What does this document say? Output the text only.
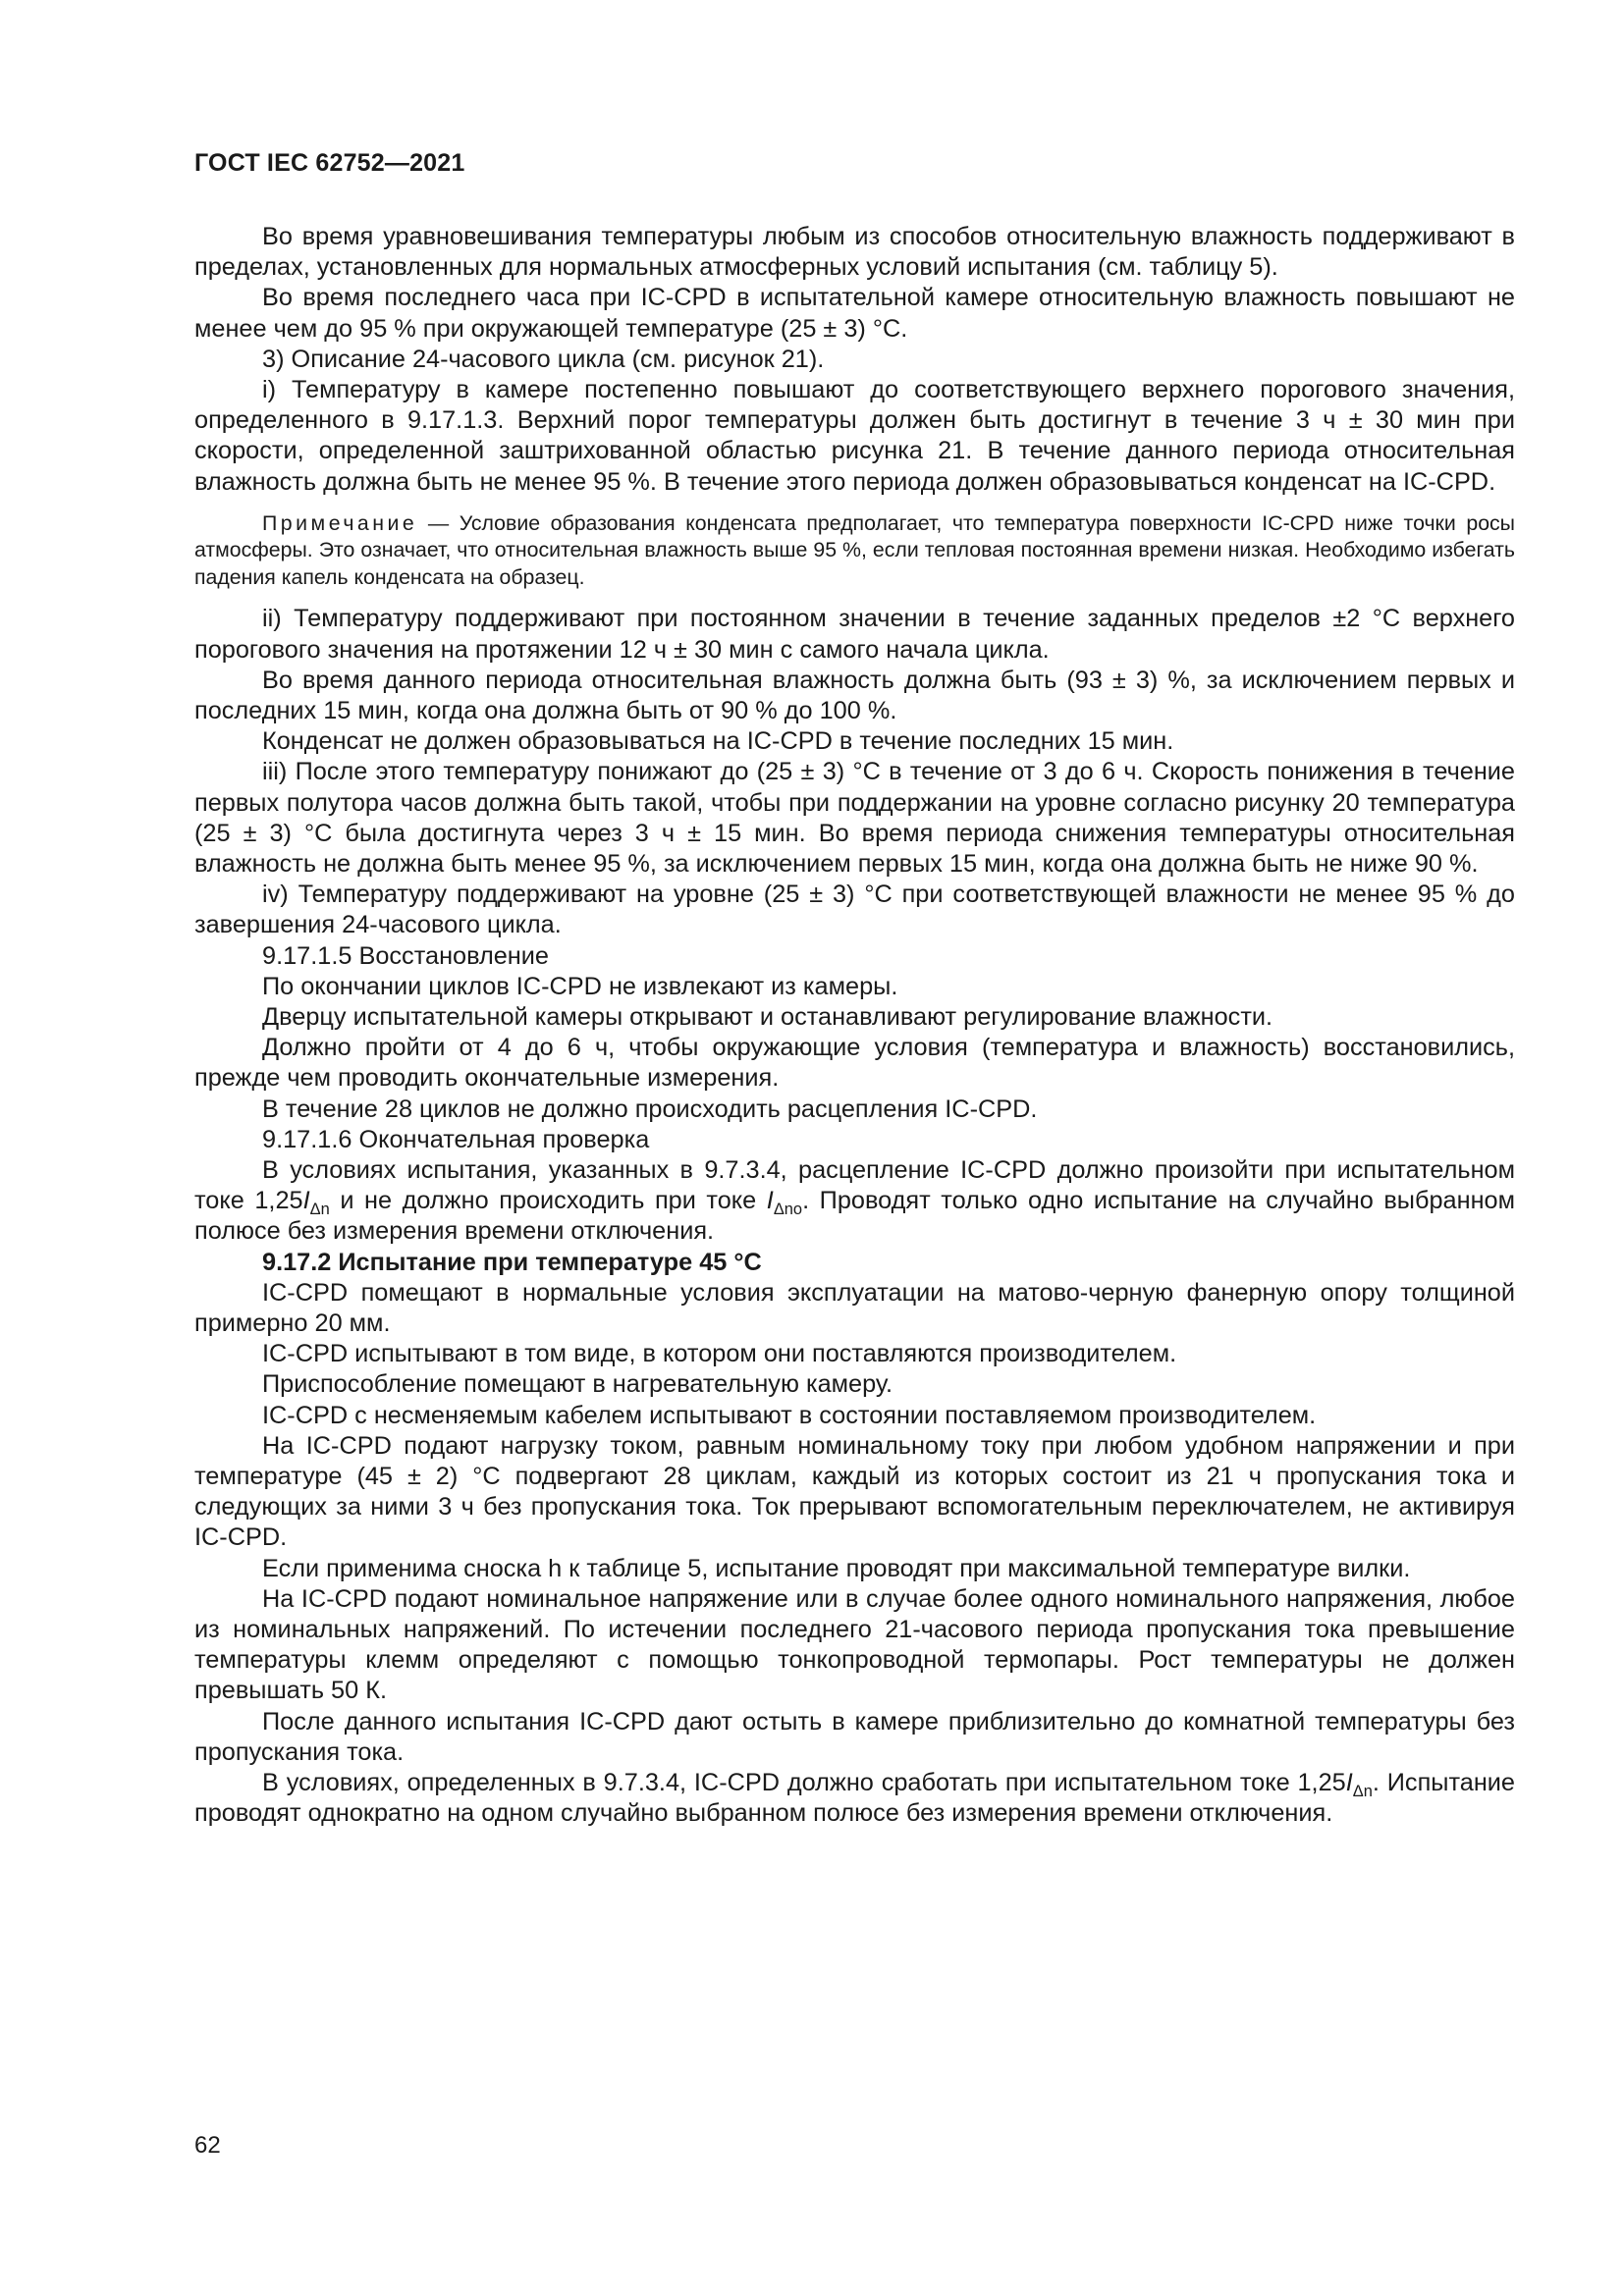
ГОСТ IEC 62752—2021

Во время уравновешивания температуры любым из способов относительную влажность поддерживают в пределах, установленных для нормальных атмосферных условий испытания (см. таблицу 5).

Во время последнего часа при IC-CPD в испытательной камере относительную влажность повышают не менее чем до 95 % при окружающей температуре (25 ± 3) °С.

3) Описание 24-часового цикла (см. рисунок 21).

i) Температуру в камере постепенно повышают до соответствующего верхнего порогового значения, определенного в 9.17.1.3. Верхний порог температуры должен быть достигнут в течение 3 ч ± 30 мин при скорости, определенной заштрихованной областью рисунка 21. В течение данного периода относительная влажность должна быть не менее 95 %. В течение этого периода должен образовываться конденсат на IC-CPD.

Примечание — Условие образования конденсата предполагает, что температура поверхности IC-CPD ниже точки росы атмосферы. Это означает, что относительная влажность выше 95 %, если тепловая постоянная времени низкая. Необходимо избегать падения капель конденсата на образец.

ii) Температуру поддерживают при постоянном значении в течение заданных пределов ±2 °С верхнего порогового значения на протяжении 12 ч ± 30 мин с самого начала цикла.

Во время данного периода относительная влажность должна быть (93 ± 3) %, за исключением первых и последних 15 мин, когда она должна быть от 90 % до 100 %.

Конденсат не должен образовываться на IC-CPD в течение последних 15 мин.

iii) После этого температуру понижают до (25 ± 3) °С в течение от 3 до 6 ч. Скорость понижения в течение первых полутора часов должна быть такой, чтобы при поддержании на уровне согласно рисунку 20 температура (25 ± 3) °С была достигнута через 3 ч ± 15 мин. Во время периода снижения температуры относительная влажность не должна быть менее 95 %, за исключением первых 15 мин, когда она должна быть не ниже 90 %.

iv) Температуру поддерживают на уровне (25 ± 3) °С при соответствующей влажности не менее 95 % до завершения 24-часового цикла.

9.17.1.5 Восстановление

По окончании циклов IC-CPD не извлекают из камеры.

Дверцу испытательной камеры открывают и останавливают регулирование влажности.

Должно пройти от 4 до 6 ч, чтобы окружающие условия (температура и влажность) восстановились, прежде чем проводить окончательные измерения.

В течение 28 циклов не должно происходить расцепления IC-CPD.

9.17.1.6 Окончательная проверка

В условиях испытания, указанных в 9.7.3.4, расцепление IC-CPD должно произойти при испытательном токе $1,25I_{\Delta n}$ и не должно происходить при токе $I_{\Delta no}$. Проводят только одно испытание на случайно выбранном полюсе без измерения времени отключения.

9.17.2 Испытание при температуре 45 °С

IC-CPD помещают в нормальные условия эксплуатации на матово-черную фанерную опору толщиной примерно 20 мм.

IC-CPD испытывают в том виде, в котором они поставляются производителем.

Приспособление помещают в нагревательную камеру.

IC-CPD с несменяемым кабелем испытывают в состоянии поставляемом производителем.

На IC-CPD подают нагрузку током, равным номинальному току при любом удобном напряжении и при температуре (45 ± 2) °С подвергают 28 циклам, каждый из которых состоит из 21 ч пропускания тока и следующих за ними 3 ч без пропускания тока. Ток прерывают вспомогательным переключателем, не активируя IC-CPD.

Если применима сноска h к таблице 5, испытание проводят при максимальной температуре вилки.

На IC-CPD подают номинальное напряжение или в случае более одного номинального напряжения, любое из номинальных напряжений. По истечении последнего 21-часового периода пропускания тока превышение температуры клемм определяют с помощью тонкопроводной термопары. Рост температуры не должен превышать 50 К.

После данного испытания IC-CPD дают остыть в камере приблизительно до комнатной температуры без пропускания тока.

В условиях, определенных в 9.7.3.4, IC-CPD должно сработать при испытательном токе $1,25I_{\Delta n}$. Испытание проводят однократно на одном случайно выбранном полюсе без измерения времени отключения.

62
